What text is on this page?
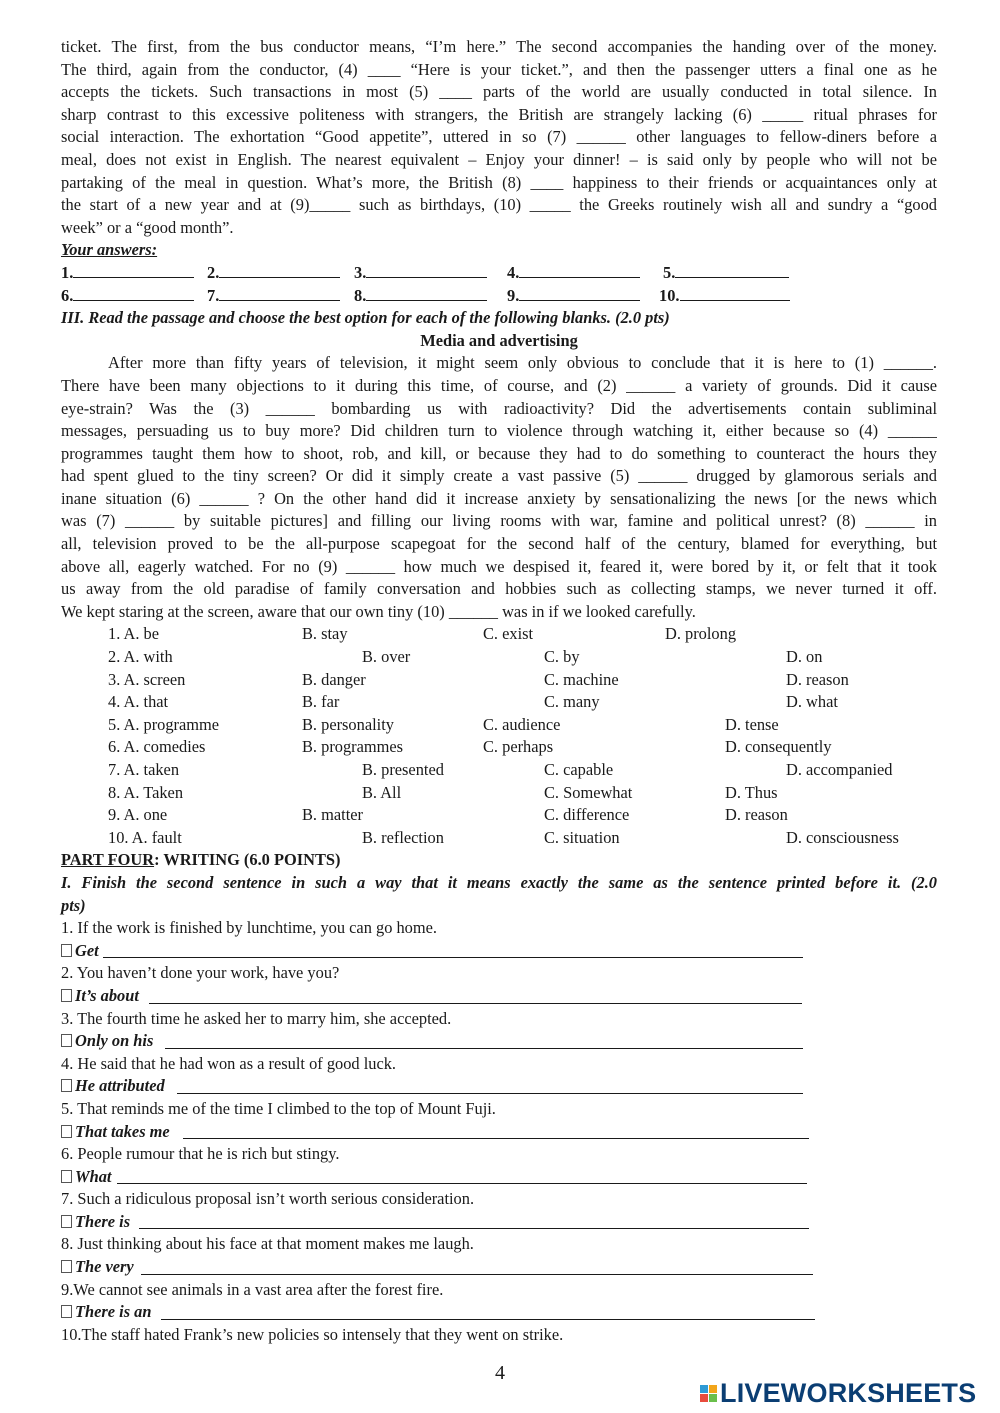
ticket. The first, from the bus conductor means, “I’m here.” The second accompanies the handing over of the money.
The third, again from the conductor, (4) ____ “Here is your ticket.”, and then the passenger utters a final one as he
accepts the tickets. Such transactions in most (5) ____ parts of the world are usually conducted in total silence. In
sharp contrast to this excessive politeness with strangers, the British are strangely lacking (6) _____ ritual phrases for
social interaction. The exhortation “Good appetite”, uttered in so (7) ______ other languages to fellow-diners before a
meal, does not exist in English. The nearest equivalent – Enjoy your dinner! – is said only by people who will not be
partaking of the meal in question. What’s more, the British (8) ____ happiness to their friends or acquaintances only at
the start of a new year and at (9)_____ such as birthdays, (10) _____ the Greeks routinely wish all and sundry a “good
week” or a “good month”.
Your answers:
1.	2.	3.	4.	5.
6.	7.	8.	9.	10.
III. Read the passage and choose the best option for each of the following blanks. (2.0 pts)
Media and advertising
After more than fifty years of television, it might seem only obvious to conclude that it is here to (1) ______.
There have been many objections to it during this time, of course, and (2) ______ a variety of grounds. Did it cause
eye-strain? Was the (3) ______ bombarding us with radioactivity? Did the advertisements contain subliminal
messages, persuading us to buy more? Did children turn to violence through watching it, either because so (4) ______
programmes taught them how to shoot, rob, and kill, or because they had to do something to counteract the hours they
had spent glued to the tiny screen? Or did it simply create a vast passive (5) ______ drugged by glamorous serials and
inane situation (6) ______ ? On the other hand did it increase anxiety by sensationalizing the news [or the news which
was (7) ______ by suitable pictures] and filling our living rooms with war, famine and political unrest? (8) ______ in
all, television proved to be the all-purpose scapegoat for the second half of the century, blamed for everything, but
above all, eagerly watched. For no (9) ______ how much we despised it, feared it, were bored by it, or felt that it took
us away from the old paradise of family conversation and hobbies such as collecting stamps, we never turned it off.
We kept staring at the screen, aware that our own tiny (10) ______ was in if we looked carefully.
1. A. be	B. stay	C. exist	D. prolong
2. A. with	B. over	C. by	D. on
3. A. screen	B. danger	C. machine	D. reason
4. A. that	B. far	C. many	D. what
5. A. programme	B. personality	C. audience	D. tense
6. A. comedies	B. programmes	C. perhaps	D. consequently
7. A. taken	B. presented	C. capable	D. accompanied
8. A. Taken	B. All	C. Somewhat	D. Thus
9. A. one	B. matter	C. difference	D. reason
10. A. fault	B. reflection	C. situation	D. consciousness
PART FOUR: WRITING (6.0 POINTS)
I. Finish the second sentence in such a way that it means exactly the same as the sentence printed before it. (2.0
pts)
1. If the work is finished by lunchtime, you can go home.
Get
2. You haven’t done your work, have you?
It’s about
3. The fourth time he asked her to marry him, she accepted.
Only on his
4. He said that he had won as a result of good luck.
He attributed
5. That reminds me of the time I climbed to the top of Mount Fuji.
That takes me
6. People rumour that he is rich but stingy.
What
7. Such a ridiculous proposal isn’t worth serious consideration.
There is
8. Just thinking about his face at that moment makes me laugh.
The very
9.We cannot see animals in a vast area after the forest fire.
There is an
10.The staff hated Frank’s new policies so intensely that they went on strike.
4
LIVEWORKSHEETS
